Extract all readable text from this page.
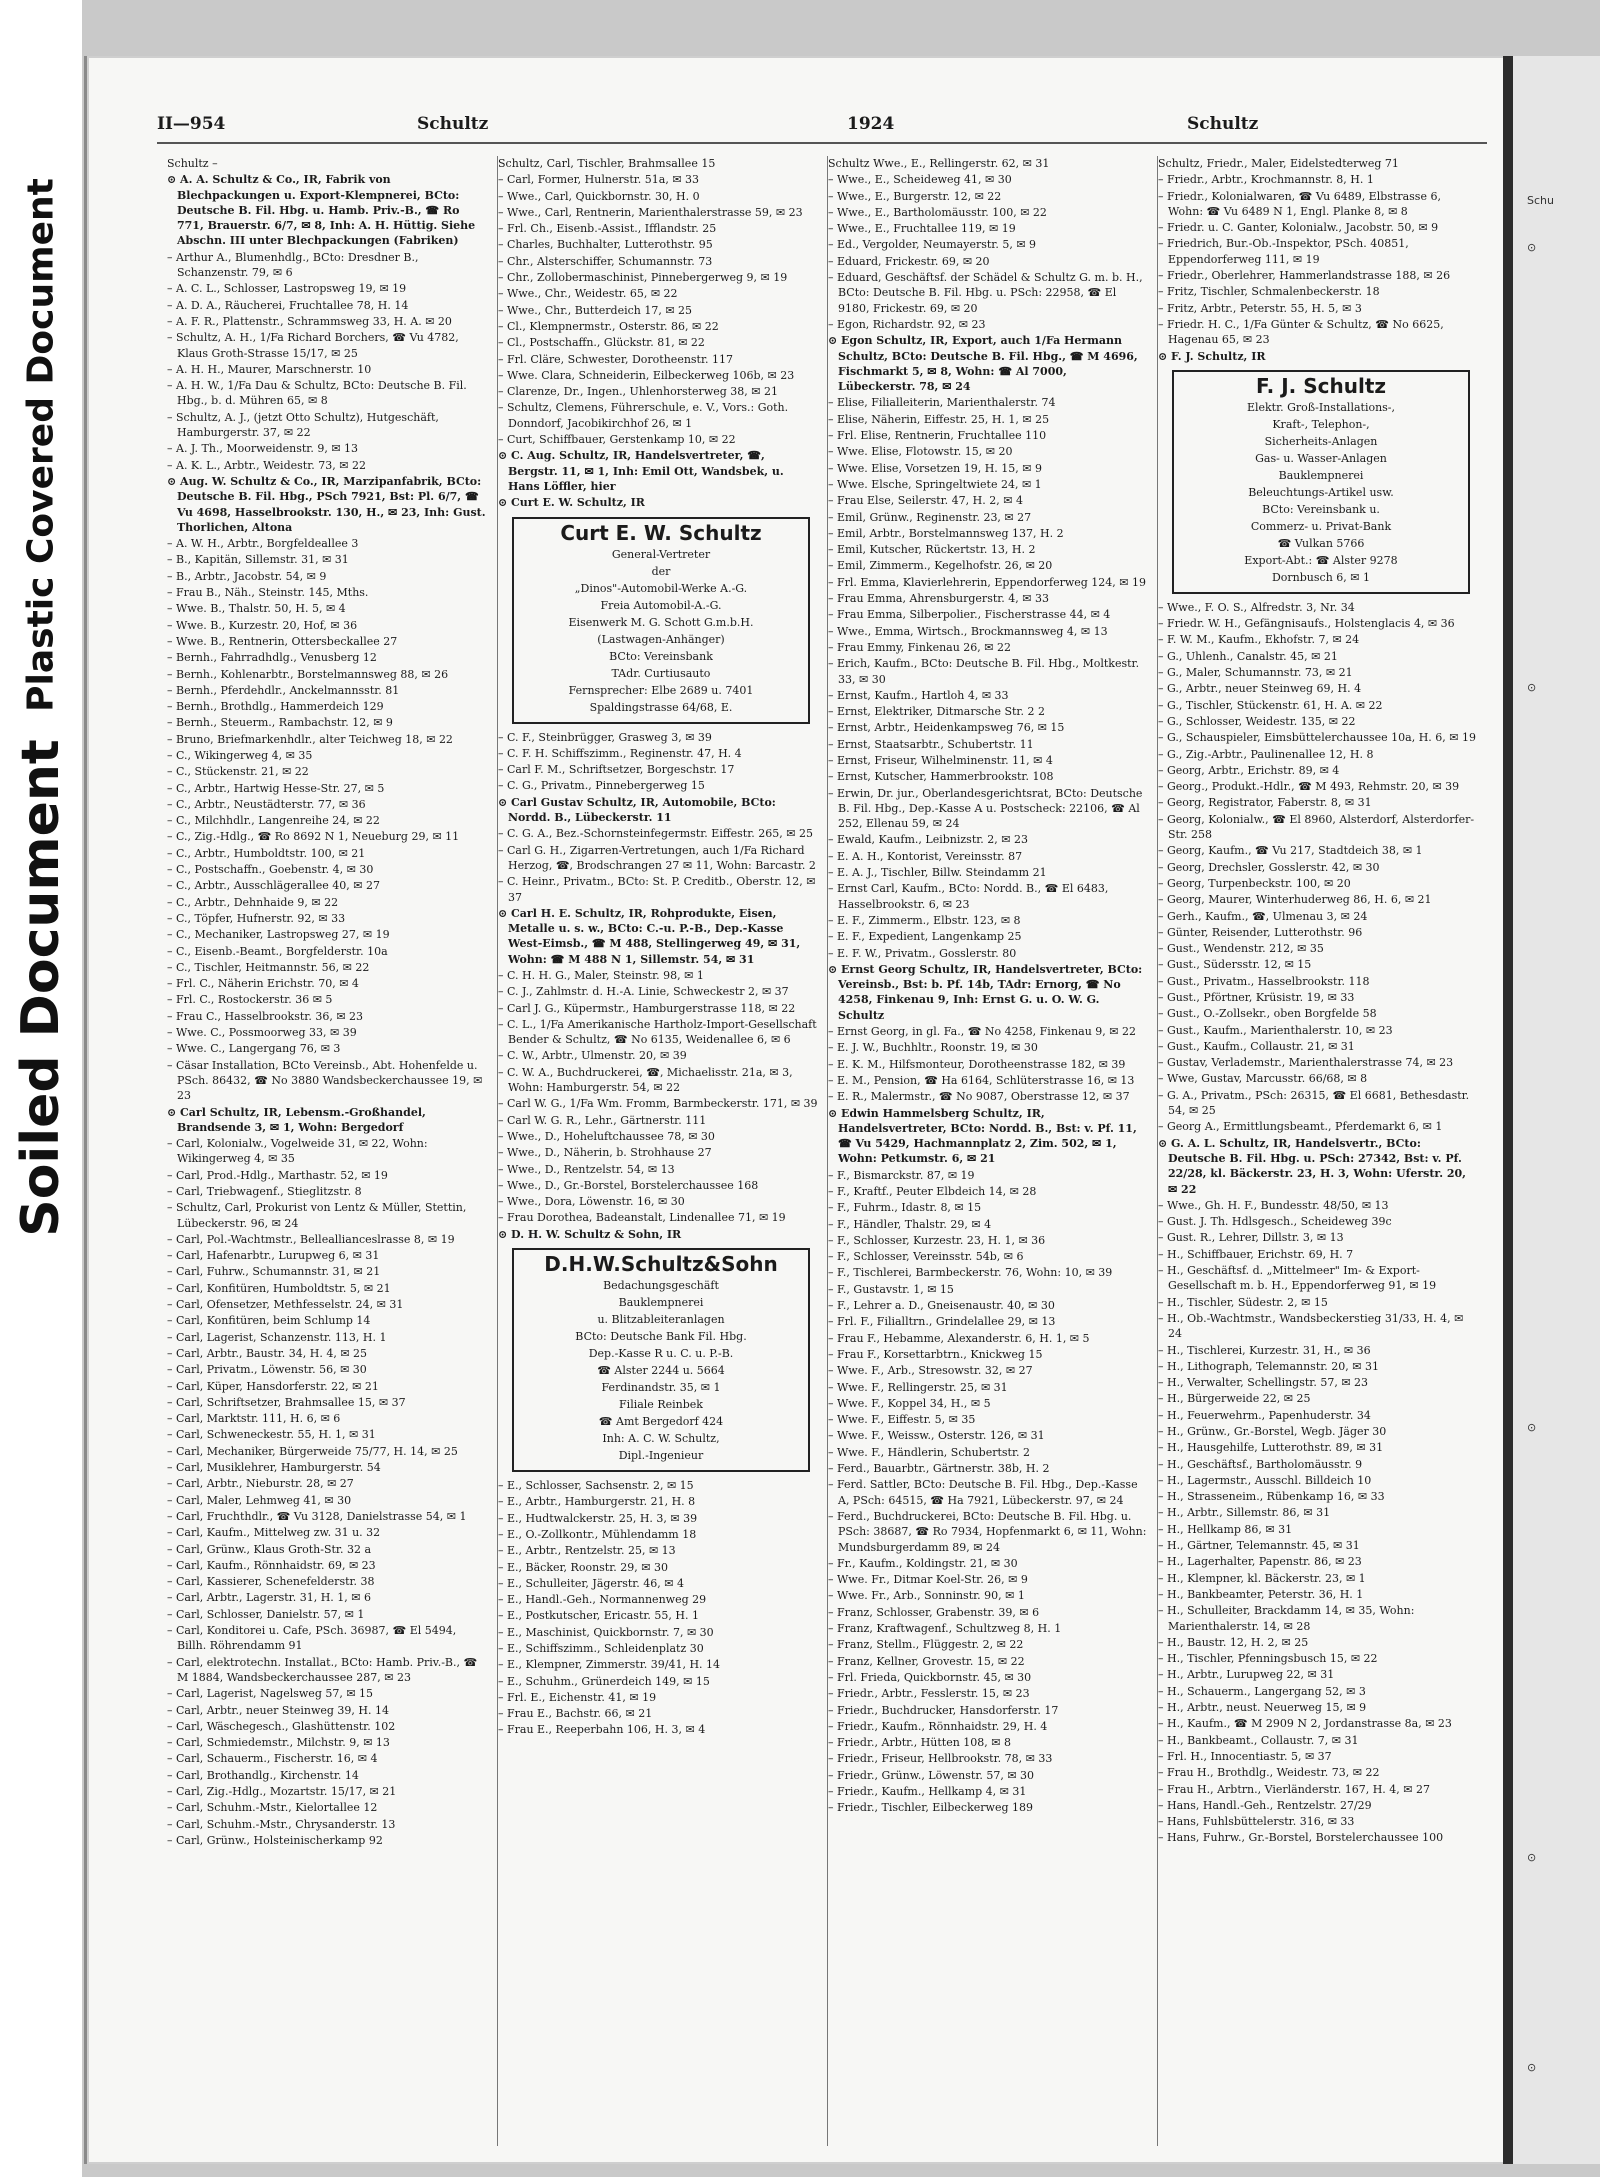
Plastic Covered Document
Soiled Document
II—954	Schultz	1924	Schultz
Schultz –
⊙ A. A. Schultz & Co., IR, Fabrik von Blechpackungen u. Export-Klempnerei, BCto: Deutsche B. Fil. Hbg. u. Hamb. Priv.-B., ☎ Ro 771, Brauerstr. 6/7, ✉ 8, Inh: A. H. Hüttig. Siehe Abschn. III unter Blechpackungen (Fabriken)
– Arthur A., Blumenhdlg., BCto: Dresdner B., Schanzenstr. 79, ✉ 6
– A. C. L., Schlosser, Lastropsweg 19, ✉ 19
– A. D. A., Räucherei, Fruchtallee 78, H. 14
– A. F. R., Plattenstr., Schrammsweg 33, H. A. ✉ 20
– Schultz, A. H., 1/Fa Richard Borchers, ☎ Vu 4782, Klaus Groth-Strasse 15/17, ✉ 25
– A. H. H., Maurer, Marschnerstr. 10
– A. H. W., 1/Fa Dau & Schultz, BCto: Deutsche B. Fil. Hbg., b. d. Mühren 65, ✉ 8
– Schultz, A. J., (jetzt Otto Schultz), Hutgeschäft, Hamburgerstr. 37, ✉ 22
– A. J. Th., Moorweidenstr. 9, ✉ 13
– A. K. L., Arbtr., Weidestr. 73, ✉ 22
⊙ Aug. W. Schultz & Co., IR, Marzipanfabrik, BCto: Deutsche B. Fil. Hbg., PSch 7921, Bst: Pl. 6/7, ☎ Vu 4698, Hasselbrookstr. 130, H., ✉ 23, Inh: Gust. Thorlichen, Altona
– A. W. H., Arbtr., Borgfeldeallee 3
– B., Kapitän, Sillemstr. 31, ✉ 31
– B., Arbtr., Jacobstr. 54, ✉ 9
– Frau B., Näh., Steinstr. 145, Mths.
– Wwe. B., Thalstr. 50, H. 5, ✉ 4
– Wwe. B., Kurzestr. 20, Hof, ✉ 36
– Wwe. B., Rentnerin, Ottersbeckallee 27
– Bernh., Fahrradhdlg., Venusberg 12
– Bernh., Kohlenarbtr., Borstelmannsweg 88, ✉ 26
– Bernh., Pferdehdlr., Anckelmannsstr. 81
– Bernh., Brothdlg., Hammerdeich 129
– Bernh., Steuerm., Rambachstr. 12, ✉ 9
– Bruno, Briefmarkenhdlr., alter Teichweg 18, ✉ 22
– C., Wikingerweg 4, ✉ 35
– C., Stückenstr. 21, ✉ 22
– C., Arbtr., Hartwig Hesse-Str. 27, ✉ 5
– C., Arbtr., Neustädterstr. 77, ✉ 36
– C., Milchhdlr., Langenreihe 24, ✉ 22
– C., Zig.-Hdlg., ☎ Ro 8692 N 1, Neueburg 29, ✉ 11
– C., Arbtr., Humboldtstr. 100, ✉ 21
– C., Postschaffn., Goebenstr. 4, ✉ 30
– C., Arbtr., Ausschlägerallee 40, ✉ 27
– C., Arbtr., Dehnhaide 9, ✉ 22
– C., Töpfer, Hufnerstr. 92, ✉ 33
– C., Mechaniker, Lastropsweg 27, ✉ 19
– C., Eisenb.-Beamt., Borgfelderstr. 10a
– C., Tischler, Heitmannstr. 56, ✉ 22
– Frl. C., Näherin Erichstr. 70, ✉ 4
– Frl. C., Rostockerstr. 36 ✉ 5
– Frau C., Hasselbrookstr. 36, ✉ 23
– Wwe. C., Possmoorweg 33, ✉ 39
– Wwe. C., Langergang 76, ✉ 3
– Cäsar Installation, BCto Vereinsb., Abt. Hohenfelde u. PSch. 86432, ☎ No 3880 Wandsbeckerchaussee 19, ✉ 23
⊙ Carl Schultz, IR, Lebensm.-Großhandel, Brandsende 3, ✉ 1, Wohn: Bergedorf
– Carl, Kolonialw., Vogelweide 31, ✉ 22, Wohn: Wikingerweg 4, ✉ 35
– Carl, Prod.-Hdlg., Marthastr. 52, ✉ 19
– Carl, Triebwagenf., Stieglitzstr. 8
– Schultz, Carl, Prokurist von Lentz & Müller, Stettin, Lübeckerstr. 96, ✉ 24
– Carl, Pol.-Wachtmstr., Belleallianceslrasse 8, ✉ 19
– Carl, Hafenarbtr., Lurupweg 6, ✉ 31
– Carl, Fuhrw., Schumannstr. 31, ✉ 21
– Carl, Konfitüren, Humboldtstr. 5, ✉ 21
– Carl, Ofensetzer, Methfesselstr. 24, ✉ 31
– Carl, Konfitüren, beim Schlump 14
– Carl, Lagerist, Schanzenstr. 113, H. 1
– Carl, Arbtr., Baustr. 34, H. 4, ✉ 25
– Carl, Privatm., Löwenstr. 56, ✉ 30
– Carl, Küper, Hansdorferstr. 22, ✉ 21
– Carl, Schriftsetzer, Brahmsallee 15, ✉ 37
– Carl, Marktstr. 111, H. 6, ✉ 6
– Carl, Schweneckestr. 55, H. 1, ✉ 31
– Carl, Mechaniker, Bürgerweide 75/77, H. 14, ✉ 25
– Carl, Musiklehrer, Hamburgerstr. 54
– Carl, Arbtr., Nieburstr. 28, ✉ 27
– Carl, Maler, Lehmweg 41, ✉ 30
– Carl, Fruchthdlr., ☎ Vu 3128, Danielstrasse 54, ✉ 1
– Carl, Kaufm., Mittelweg zw. 31 u. 32
– Carl, Grünw., Klaus Groth-Str. 32 a
– Carl, Kaufm., Rönnhaidstr. 69, ✉ 23
– Carl, Kassierer, Schenefelderstr. 38
– Carl, Arbtr., Lagerstr. 31, H. 1, ✉ 6
– Carl, Schlosser, Danielstr. 57, ✉ 1
– Carl, Konditorei u. Cafe, PSch. 36987, ☎ El 5494, Billh. Röhrendamm 91
– Carl, elektrotechn. Installat., BCto: Hamb. Priv.-B., ☎ M 1884, Wandsbeckerchaussee 287, ✉ 23
– Carl, Lagerist, Nagelsweg 57, ✉ 15
– Carl, Arbtr., neuer Steinweg 39, H. 14
– Carl, Wäschegesch., Glashüttenstr. 102
– Carl, Schmiedemstr., Milchstr. 9, ✉ 13
– Carl, Schauerm., Fischerstr. 16, ✉ 4
– Carl, Brothandlg., Kirchenstr. 14
– Carl, Zig.-Hdlg., Mozartstr. 15/17, ✉ 21
– Carl, Schuhm.-Mstr., Kielortallee 12
– Carl, Schuhm.-Mstr., Chrysanderstr. 13
– Carl, Grünw., Holsteinischerkamp 92
Schultz, Carl, Tischler, Brahmsallee 15
– Carl, Former, Hulnerstr. 51a, ✉ 33
– Wwe., Carl, Quickbornstr. 30, H. 0
– Wwe., Carl, Rentnerin, Marienthalerstrasse 59, ✉ 23
– Frl. Ch., Eisenb.-Assist., Ifflandstr. 25
– Charles, Buchhalter, Lutterothstr. 95
– Chr., Alsterschiffer, Schumannstr. 73
– Chr., Zollobermaschinist, Pinnebergerweg 9, ✉ 19
– Wwe., Chr., Weidestr. 65, ✉ 22
– Wwe., Chr., Butterdeich 17, ✉ 25
– Cl., Klempnermstr., Osterstr. 86, ✉ 22
– Cl., Postschaffn., Glückstr. 81, ✉ 22
– Frl. Cläre, Schwester, Dorotheenstr. 117
– Wwe. Clara, Schneiderin, Eilbeckerweg 106b, ✉ 23
– Clarenze, Dr., Ingen., Uhlenhorsterweg 38, ✉ 21
– Schultz, Clemens, Führerschule, e. V., Vors.: Goth. Donndorf, Jacobikirchhof 26, ✉ 1
– Curt, Schiffbauer, Gerstenkamp 10, ✉ 22
⊙ C. Aug. Schultz, IR, Handelsvertreter, ☎, Bergstr. 11, ✉ 1, Inh: Emil Ott, Wandsbek, u. Hans Löffler, hier
⊙ Curt E. W. Schultz, IR
Curt E. W. Schultz
General-Vertreter
der
„Dinos"-Automobil-Werke A.-G.
Freia Automobil-A.-G.
Eisenwerk M. G. Schott G.m.b.H.
(Lastwagen-Anhänger)
BCto: Vereinsbank
TAdr. Curtiusauto
Fernsprecher: Elbe 2689 u. 7401
Spaldingstrasse 64/68, E.
– C. F., Steinbrügger, Grasweg 3, ✉ 39
– C. F. H. Schiffszimm., Reginenstr. 47, H. 4
– Carl F. M., Schriftsetzer, Borgeschstr. 17
– C. G., Privatm., Pinnebergerweg 15
⊙ Carl Gustav Schultz, IR, Automobile, BCto: Nordd. B., Lübeckerstr. 11
– C. G. A., Bez.-Schornsteinfegermstr. Eiffestr. 265, ✉ 25
– Carl G. H., Zigarren-Vertretungen, auch 1/Fa Richard Herzog, ☎, Brodschrangen 27 ✉ 11, Wohn: Barcastr. 2
– C. Heinr., Privatm., BCto: St. P. Creditb., Oberstr. 12, ✉ 37
⊙ Carl H. E. Schultz, IR, Rohprodukte, Eisen, Metalle u. s. w., BCto: C.-u. P.-B., Dep.-Kasse West-Eimsb., ☎ M 488, Stellingerweg 49, ✉ 31, Wohn: ☎ M 488 N 1, Sillemstr. 54, ✉ 31
– C. H. H. G., Maler, Steinstr. 98, ✉ 1
– C. J., Zahlmstr. d. H.-A. Linie, Schweckestr 2, ✉ 37
– Carl J. G., Küpermstr., Hamburgerstrasse 118, ✉ 22
– C. L., 1/Fa Amerikanische Hartholz-Import-Gesellschaft Bender & Schultz, ☎ No 6135, Weidenallee 6, ✉ 6
– C. W., Arbtr., Ulmenstr. 20, ✉ 39
– C. W. A., Buchdruckerei, ☎, Michaelisstr. 21a, ✉ 3, Wohn: Hamburgerstr. 54, ✉ 22
– Carl W. G., 1/Fa Wm. Fromm, Barmbeckerstr. 171, ✉ 39
– Carl W. G. R., Lehr., Gärtnerstr. 111
– Wwe., D., Hoheluftchaussee 78, ✉ 30
– Wwe., D., Näherin, b. Strohhause 27
– Wwe., D., Rentzelstr. 54, ✉ 13
– Wwe., D., Gr.-Borstel, Borstelerchaussee 168
– Wwe., Dora, Löwenstr. 16, ✉ 30
– Frau Dorothea, Badeanstalt, Lindenallee 71, ✉ 19
⊙ D. H. W. Schultz & Sohn, IR
D.H.W.Schultz&Sohn
Bedachungsgeschäft
Bauklempnerei
u. Blitzableiteranlagen
BCto: Deutsche Bank Fil. Hbg.
Dep.-Kasse R u. C. u. P.-B.
☎ Alster 2244 u. 5664
Ferdinandstr. 35, ✉ 1
Filiale Reinbek
☎ Amt Bergedorf 424
Inh: A. C. W. Schultz,
Dipl.-Ingenieur
– E., Schlosser, Sachsenstr. 2, ✉ 15
– E., Arbtr., Hamburgerstr. 21, H. 8
– E., Hudtwalckerstr. 25, H. 3, ✉ 39
– E., O.-Zollkontr., Mühlendamm 18
– E., Arbtr., Rentzelstr. 25, ✉ 13
– E., Bäcker, Roonstr. 29, ✉ 30
– E., Schulleiter, Jägerstr. 46, ✉ 4
– E., Handl.-Geh., Normannenweg 29
– E., Postkutscher, Ericastr. 55, H. 1
– E., Maschinist, Quickbornstr. 7, ✉ 30
– E., Schiffszimm., Schleidenplatz 30
– E., Klempner, Zimmerstr. 39/41, H. 14
– E., Schuhm., Grünerdeich 149, ✉ 15
– Frl. E., Eichenstr. 41, ✉ 19
– Frau E., Bachstr. 66, ✉ 21
– Frau E., Reeperbahn 106, H. 3, ✉ 4
Schultz Wwe., E., Rellingerstr. 62, ✉ 31
– Wwe., E., Scheideweg 41, ✉ 30
– Wwe., E., Burgerstr. 12, ✉ 22
– Wwe., E., Bartholomäusstr. 100, ✉ 22
– Wwe., E., Fruchtallee 119, ✉ 19
– Ed., Vergolder, Neumayerstr. 5, ✉ 9
– Eduard, Frickestr. 69, ✉ 20
– Eduard, Geschäftsf. der Schädel & Schultz G. m. b. H., BCto: Deutsche B. Fil. Hbg. u. PSch: 22958, ☎ El 9180, Frickestr. 69, ✉ 20
– Egon, Richardstr. 92, ✉ 23
⊙ Egon Schultz, IR, Export, auch 1/Fa Hermann Schultz, BCto: Deutsche B. Fil. Hbg., ☎ M 4696, Fischmarkt 5, ✉ 8, Wohn: ☎ Al 7000, Lübeckerstr. 78, ✉ 24
– Elise, Filialleiterin, Marienthalerstr. 74
– Elise, Näherin, Eiffestr. 25, H. 1, ✉ 25
– Frl. Elise, Rentnerin, Fruchtallee 110
– Wwe. Elise, Flotowstr. 15, ✉ 20
– Wwe. Elise, Vorsetzen 19, H. 15, ✉ 9
– Wwe. Elsche, Springeltwiete 24, ✉ 1
– Frau Else, Seilerstr. 47, H. 2, ✉ 4
– Emil, Grünw., Reginenstr. 23, ✉ 27
– Emil, Arbtr., Borstelmannsweg 137, H. 2
– Emil, Kutscher, Rückertstr. 13, H. 2
– Emil, Zimmerm., Kegelhofstr. 26, ✉ 20
– Frl. Emma, Klavierlehrerin, Eppendorferweg 124, ✉ 19
– Frau Emma, Ahrensburgerstr. 4, ✉ 33
– Frau Emma, Silberpolier., Fischerstrasse 44, ✉ 4
– Wwe., Emma, Wirtsch., Brockmannsweg 4, ✉ 13
– Frau Emmy, Finkenau 26, ✉ 22
– Erich, Kaufm., BCto: Deutsche B. Fil. Hbg., Moltkestr. 33, ✉ 30
– Ernst, Kaufm., Hartloh 4, ✉ 33
– Ernst, Elektriker, Ditmarsche Str. 2 2
– Ernst, Arbtr., Heidenkampsweg 76, ✉ 15
– Ernst, Staatsarbtr., Schubertstr. 11
– Ernst, Friseur, Wilhelminenstr. 11, ✉ 4
– Ernst, Kutscher, Hammerbrookstr. 108
– Erwin, Dr. jur., Oberlandesgerichtsrat, BCto: Deutsche B. Fil. Hbg., Dep.-Kasse A u. Postscheck: 22106, ☎ Al 252, Ellenau 59, ✉ 24
– Ewald, Kaufm., Leibnizstr. 2, ✉ 23
– E. A. H., Kontorist, Vereinsstr. 87
– E. A. J., Tischler, Billw. Steindamm 21
– Ernst Carl, Kaufm., BCto: Nordd. B., ☎ El 6483, Hasselbrookstr. 6, ✉ 23
– E. F., Zimmerm., Elbstr. 123, ✉ 8
– E. F., Expedient, Langenkamp 25
– E. F. W., Privatm., Gosslerstr. 80
⊙ Ernst Georg Schultz, IR, Handelsvertreter, BCto: Vereinsb., Bst: b. Pf. 14b, TAdr: Ernorg, ☎ No 4258, Finkenau 9, Inh: Ernst G. u. O. W. G. Schultz
– Ernst Georg, in gl. Fa., ☎ No 4258, Finkenau 9, ✉ 22
– E. J. W., Buchhltr., Roonstr. 19, ✉ 30
– E. K. M., Hilfsmonteur, Dorotheenstrasse 182, ✉ 39
– E. M., Pension, ☎ Ha 6164, Schlüterstrasse 16, ✉ 13
– E. R., Malermstr., ☎ No 9087, Oberstrasse 12, ✉ 37
⊙ Edwin Hammelsberg Schultz, IR, Handelsvertreter, BCto: Nordd. B., Bst: v. Pf. 11, ☎ Vu 5429, Hachmannplatz 2, Zim. 502, ✉ 1, Wohn: Petkumstr. 6, ✉ 21
– F., Bismarckstr. 87, ✉ 19
– F., Kraftf., Peuter Elbdeich 14, ✉ 28
– F., Fuhrm., Idastr. 8, ✉ 15
– F., Händler, Thalstr. 29, ✉ 4
– F., Schlosser, Kurzestr. 23, H. 1, ✉ 36
– F., Schlosser, Vereinsstr. 54b, ✉ 6
– F., Tischlerei, Barmbeckerstr. 76, Wohn: 10, ✉ 39
– F., Gustavstr. 1, ✉ 15
– F., Lehrer a. D., Gneisenaustr. 40, ✉ 30
– Frl. F., Filialltrn., Grindelallee 29, ✉ 13
– Frau F., Hebamme, Alexanderstr. 6, H. 1, ✉ 5
– Frau F., Korsettarbtrn., Knickweg 15
– Wwe. F., Arb., Stresowstr. 32, ✉ 27
– Wwe. F., Rellingerstr. 25, ✉ 31
– Wwe. F., Koppel 34, H., ✉ 5
– Wwe. F., Eiffestr. 5, ✉ 35
– Wwe. F., Weissw., Osterstr. 126, ✉ 31
– Wwe. F., Händlerin, Schubertstr. 2
– Ferd., Bauarbtr., Gärtnerstr. 38b, H. 2
– Ferd. Sattler, BCto: Deutsche B. Fil. Hbg., Dep.-Kasse A, PSch: 64515, ☎ Ha 7921, Lübeckerstr. 97, ✉ 24
– Ferd., Buchdruckerei, BCto: Deutsche B. Fil. Hbg. u. PSch: 38687, ☎ Ro 7934, Hopfenmarkt 6, ✉ 11, Wohn: Mundsburgerdamm 89, ✉ 24
– Fr., Kaufm., Koldingstr. 21, ✉ 30
– Wwe. Fr., Ditmar Koel-Str. 26, ✉ 9
– Wwe. Fr., Arb., Sonninstr. 90, ✉ 1
– Franz, Schlosser, Grabenstr. 39, ✉ 6
– Franz, Kraftwagenf., Schultzweg 8, H. 1
– Franz, Stellm., Flüggestr. 2, ✉ 22
– Franz, Kellner, Grovestr. 15, ✉ 22
– Frl. Frieda, Quickbornstr. 45, ✉ 30
– Friedr., Arbtr., Fesslerstr. 15, ✉ 23
– Friedr., Buchdrucker, Hansdorferstr. 17
– Friedr., Kaufm., Rönnhaidstr. 29, H. 4
– Friedr., Arbtr., Hütten 108, ✉ 8
– Friedr., Friseur, Hellbrookstr. 78, ✉ 33
– Friedr., Grünw., Löwenstr. 57, ✉ 30
– Friedr., Kaufm., Hellkamp 4, ✉ 31
– Friedr., Tischler, Eilbeckerweg 189
Schultz, Friedr., Maler, Eidelstedterweg 71
– Friedr., Arbtr., Krochmannstr. 8, H. 1
– Friedr., Kolonialwaren, ☎ Vu 6489, Elbstrasse 6, Wohn: ☎ Vu 6489 N 1, Engl. Planke 8, ✉ 8
– Friedr. u. C. Ganter, Kolonialw., Jacobstr. 50, ✉ 9
– Friedrich, Bur.-Ob.-Inspektor, PSch. 40851, Eppendorferweg 111, ✉ 19
– Friedr., Oberlehrer, Hammerlandstrasse 188, ✉ 26
– Fritz, Tischler, Schmalenbeckerstr. 18
– Fritz, Arbtr., Peterstr. 55, H. 5, ✉ 3
– Friedr. H. C., 1/Fa Günter & Schultz, ☎ No 6625, Hagenau 65, ✉ 23
⊙ F. J. Schultz, IR
F. J. Schultz
Elektr. Groß-Installations-,
Kraft-, Telephon-,
Sicherheits-Anlagen
Gas- u. Wasser-Anlagen
Bauklempnerei
Beleuchtungs-Artikel usw.
BCto: Vereinsbank u.
Commerz- u. Privat-Bank
☎ Vulkan 5766
Export-Abt.: ☎ Alster 9278
Dornbusch 6, ✉ 1
– Wwe., F. O. S., Alfredstr. 3, Nr. 34
– Friedr. W. H., Gefängnisaufs., Holstenglacis 4, ✉ 36
– F. W. M., Kaufm., Ekhofstr. 7, ✉ 24
– G., Uhlenh., Canalstr. 45, ✉ 21
– G., Maler, Schumannstr. 73, ✉ 21
– G., Arbtr., neuer Steinweg 69, H. 4
– G., Tischler, Stückenstr. 61, H. A. ✉ 22
– G., Schlosser, Weidestr. 135, ✉ 22
– G., Schauspieler, Eimsbüttelerchaussee 10a, H. 6, ✉ 19
– G., Zig.-Arbtr., Paulinenallee 12, H. 8
– Georg, Arbtr., Erichstr. 89, ✉ 4
– Georg., Produkt.-Hdlr., ☎ M 493, Rehmstr. 20, ✉ 39
– Georg, Registrator, Faberstr. 8, ✉ 31
– Georg, Kolonialw., ☎ El 8960, Alsterdorf, Alsterdorfer-Str. 258
– Georg, Kaufm., ☎ Vu 217, Stadtdeich 38, ✉ 1
– Georg, Drechsler, Gosslerstr. 42, ✉ 30
– Georg, Turpenbeckstr. 100, ✉ 20
– Georg, Maurer, Winterhuderweg 86, H. 6, ✉ 21
– Gerh., Kaufm., ☎, Ulmenau 3, ✉ 24
– Günter, Reisender, Lutterothstr. 96
– Gust., Wendenstr. 212, ✉ 35
– Gust., Südersstr. 12, ✉ 15
– Gust., Privatm., Hasselbrookstr. 118
– Gust., Pförtner, Krüsistr. 19, ✉ 33
– Gust., O.-Zollsekr., oben Borgfelde 58
– Gust., Kaufm., Marienthalerstr. 10, ✉ 23
– Gust., Kaufm., Collaustr. 21, ✉ 31
– Gustav, Verlademstr., Marienthalerstrasse 74, ✉ 23
– Wwe, Gustav, Marcusstr. 66/68, ✉ 8
– G. A., Privatm., PSch: 26315, ☎ El 6681, Bethesdastr. 54, ✉ 25
– Georg A., Ermittlungsbeamt., Pferdemarkt 6, ✉ 1
⊙ G. A. L. Schultz, IR, Handelsvertr., BCto: Deutsche B. Fil. Hbg. u. PSch: 27342, Bst: v. Pf. 22/28, kl. Bäckerstr. 23, H. 3, Wohn: Uferstr. 20, ✉ 22
– Wwe., Gh. H. F., Bundesstr. 48/50, ✉ 13
– Gust. J. Th. Hdlsgesch., Scheideweg 39c
– Gust. R., Lehrer, Dillstr. 3, ✉ 13
– H., Schiffbauer, Erichstr. 69, H. 7
– H., Geschäftsf. d. „Mittelmeer" Im- & Export-Gesellschaft m. b. H., Eppendorferweg 91, ✉ 19
– H., Tischler, Südestr. 2, ✉ 15
– H., Ob.-Wachtmstr., Wandsbeckerstieg 31/33, H. 4, ✉ 24
– H., Tischlerei, Kurzestr. 31, H., ✉ 36
– H., Lithograph, Telemannstr. 20, ✉ 31
– H., Verwalter, Schellingstr. 57, ✉ 23
– H., Bürgerweide 22, ✉ 25
– H., Feuerwehrm., Papenhuderstr. 34
– H., Grünw., Gr.-Borstel, Wegb. Jäger 30
– H., Hausgehilfe, Lutterothstr. 89, ✉ 31
– H., Geschäftsf., Bartholomäusstr. 9
– H., Lagermstr., Ausschl. Billdeich 10
– H., Strasseneim., Rübenkamp 16, ✉ 33
– H., Arbtr., Sillemstr. 86, ✉ 31
– H., Hellkamp 86, ✉ 31
– H., Gärtner, Telemannstr. 45, ✉ 31
– H., Lagerhalter, Papenstr. 86, ✉ 23
– H., Klempner, kl. Bäckerstr. 23, ✉ 1
– H., Bankbeamter, Peterstr. 36, H. 1
– H., Schulleiter, Brackdamm 14, ✉ 35, Wohn: Marienthalerstr. 14, ✉ 28
– H., Baustr. 12, H. 2, ✉ 25
– H., Tischler, Pfenningsbusch 15, ✉ 22
– H., Arbtr., Lurupweg 22, ✉ 31
– H., Schauerm., Langergang 52, ✉ 3
– H., Arbtr., neust. Neuerweg 15, ✉ 9
– H., Kaufm., ☎ M 2909 N 2, Jordanstrasse 8a, ✉ 23
– H., Bankbeamt., Collaustr. 7, ✉ 31
– Frl. H., Innocentiastr. 5, ✉ 37
– Frau H., Brothdlg., Weidestr. 73, ✉ 22
– Frau H., Arbtrn., Vierländerstr. 167, H. 4, ✉ 27
– Hans, Handl.-Geh., Rentzelstr. 27/29
– Hans, Fuhlsbüttelerstr. 316, ✉ 33
– Hans, Fuhrw., Gr.-Borstel, Borstelerchaussee 100
Schu
⊙
⊙
⊙
⊙
⊙
